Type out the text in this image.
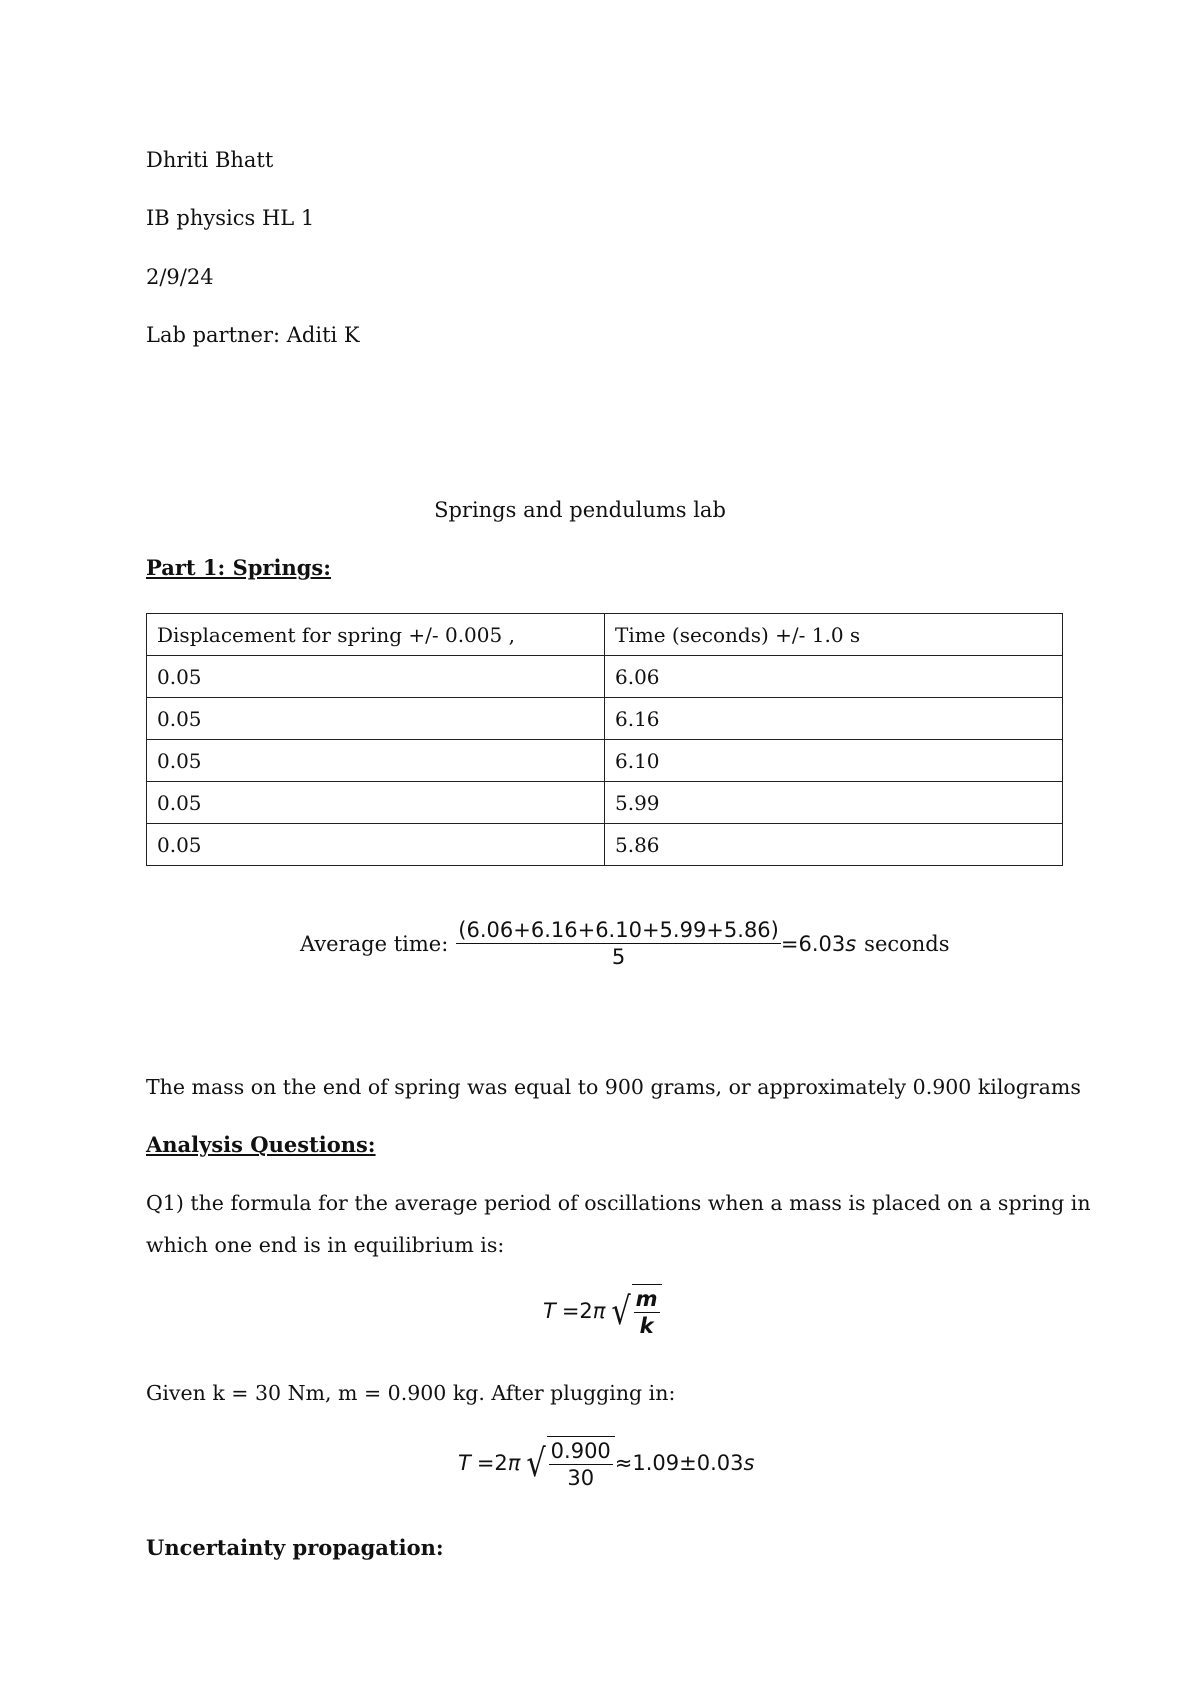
Dhriti Bhatt
IB physics HL 1
2/9/24
Lab partner: Aditi K
Springs and pendulums lab
Part 1: Springs:
Displacement for spring +/- 0.005 ,	Time (seconds) +/- 1.0 s
0.05	6.06
0.05	6.16
0.05	6.10
0.05	5.99
0.05	5.86
Average time: $\frac{(6.06+6.16+6.10+5.99+5.86)}{5} =6.03$ s seconds
The mass on the end of spring was equal to 900 grams, or approximately 0.900 kilograms
Analysis Questions:
Q1) the formula for the average period of oscillations when a mass is placed on a spring in
which one end is in equilibrium is:
T =2 π √ $\frac{m}{k}$
Given k = 30 Nm, m = 0.900 kg. After plugging in:
T =2 π √ $\frac{0.900}{30} \approx 1.09\pm 0.03$ s
Uncertainty propagation:
